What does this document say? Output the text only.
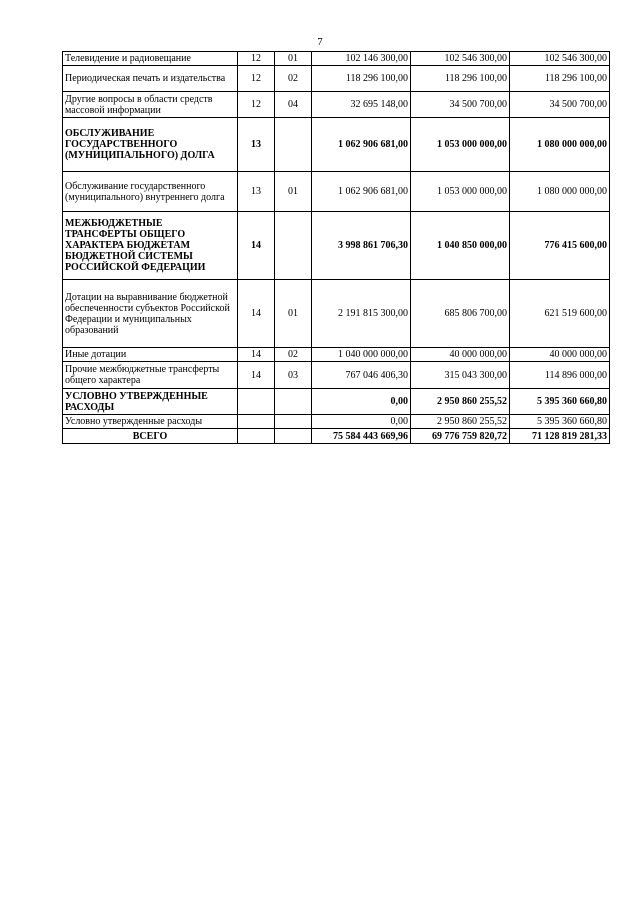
7
Телевидение и радиовещание	12	01	102 146 300,00	102 546 300,00	102 546 300,00
Периодическая печать и издательства	12	02	118 296 100,00	118 296 100,00	118 296 100,00
Другие вопросы в области средств массовой информации	12	04	32 695 148,00	34 500 700,00	34 500 700,00
ОБСЛУЖИВАНИЕ ГОСУДАРСТВЕННОГО (МУНИЦИПАЛЬНОГО) ДОЛГА	13		1 062 906 681,00	1 053 000 000,00	1 080 000 000,00
Обслуживание государственного (муниципального) внутреннего долга	13	01	1 062 906 681,00	1 053 000 000,00	1 080 000 000,00
МЕЖБЮДЖЕТНЫЕ ТРАНСФЕРТЫ ОБЩЕГО ХАРАКТЕРА БЮДЖЕТАМ БЮДЖЕТНОЙ СИСТЕМЫ РОССИЙСКОЙ ФЕДЕРАЦИИ	14		3 998 861 706,30	1 040 850 000,00	776 415 600,00
Дотации на выравнивание бюджетной обеспеченности субъектов Российской Федерации и муниципальных образований	14	01	2 191 815 300,00	685 806 700,00	621 519 600,00
Иные дотации	14	02	1 040 000 000,00	40 000 000,00	40 000 000,00
Прочие межбюджетные трансферты общего характера	14	03	767 046 406,30	315 043 300,00	114 896 000,00
УСЛОВНО УТВЕРЖДЕННЫЕ РАСХОДЫ			0,00	2 950 860 255,52	5 395 360 660,80
Условно утвержденные расходы			0,00	2 950 860 255,52	5 395 360 660,80
ВСЕГО			75 584 443 669,96	69 776 759 820,72	71 128 819 281,33
